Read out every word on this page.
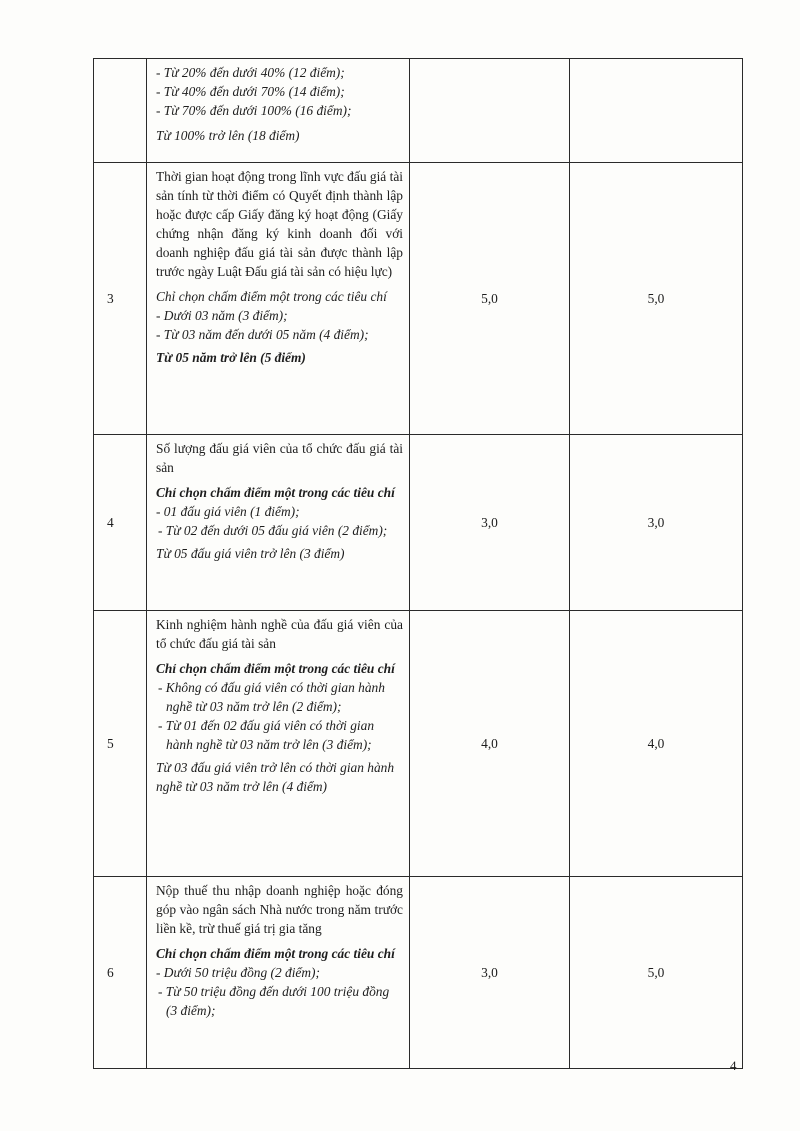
	- Từ 20% đến dưới 40% (12 điểm);

- Từ 40% đến dưới 70% (14 điểm);

- Từ 70% đến dưới 100% (16 điểm);

Từ 100% trở lên (18 điểm)		

3	Thời gian hoạt động trong lĩnh vực đấu giá tài sản tính từ thời điểm có Quyết định thành lập hoặc được cấp Giấy đăng ký hoạt động (Giấy chứng nhận đăng ký kinh doanh đối với doanh nghiệp đấu giá tài sản được thành lập trước ngày Luật Đấu giá tài sản có hiệu lực)

Chỉ chọn chấm điểm một trong các tiêu chí

- Dưới 03 năm (3 điểm);

- Từ 03 năm đến dưới 05 năm (4 điểm);

Từ 05 năm trở lên (5 điểm)	5,0	5,0
4	Số lượng đấu giá viên của tổ chức đấu giá tài sản

Chỉ chọn chấm điểm một trong các tiêu chí

- 01 đấu giá viên (1 điểm);

- Từ 02 đến dưới 05 đấu giá viên (2 điểm);

Từ 05 đấu giá viên trở lên (3 điểm)	3,0	3,0
5	Kinh nghiệm hành nghề của đấu giá viên của tổ chức đấu giá tài sản

Chỉ chọn chấm điểm một trong các tiêu chí

- Không có đấu giá viên có thời gian hành nghề từ 03 năm trở lên (2 điểm);

- Từ 01 đến 02 đấu giá viên có thời gian hành nghề từ 03 năm trở lên (3 điểm);

Từ 03 đấu giá viên trở lên có thời gian hành nghề từ 03 năm trở lên (4 điểm)	4,0	4,0
6	Nộp thuế thu nhập doanh nghiệp hoặc đóng góp vào ngân sách Nhà nước trong năm trước liền kề, trừ thuế giá trị gia tăng

Chỉ chọn chấm điểm một trong các tiêu chí

- Dưới 50 triệu đồng (2 điểm);

- Từ 50 triệu đồng đến dưới 100 triệu đồng (3 điểm);	3,0	5,0
4
